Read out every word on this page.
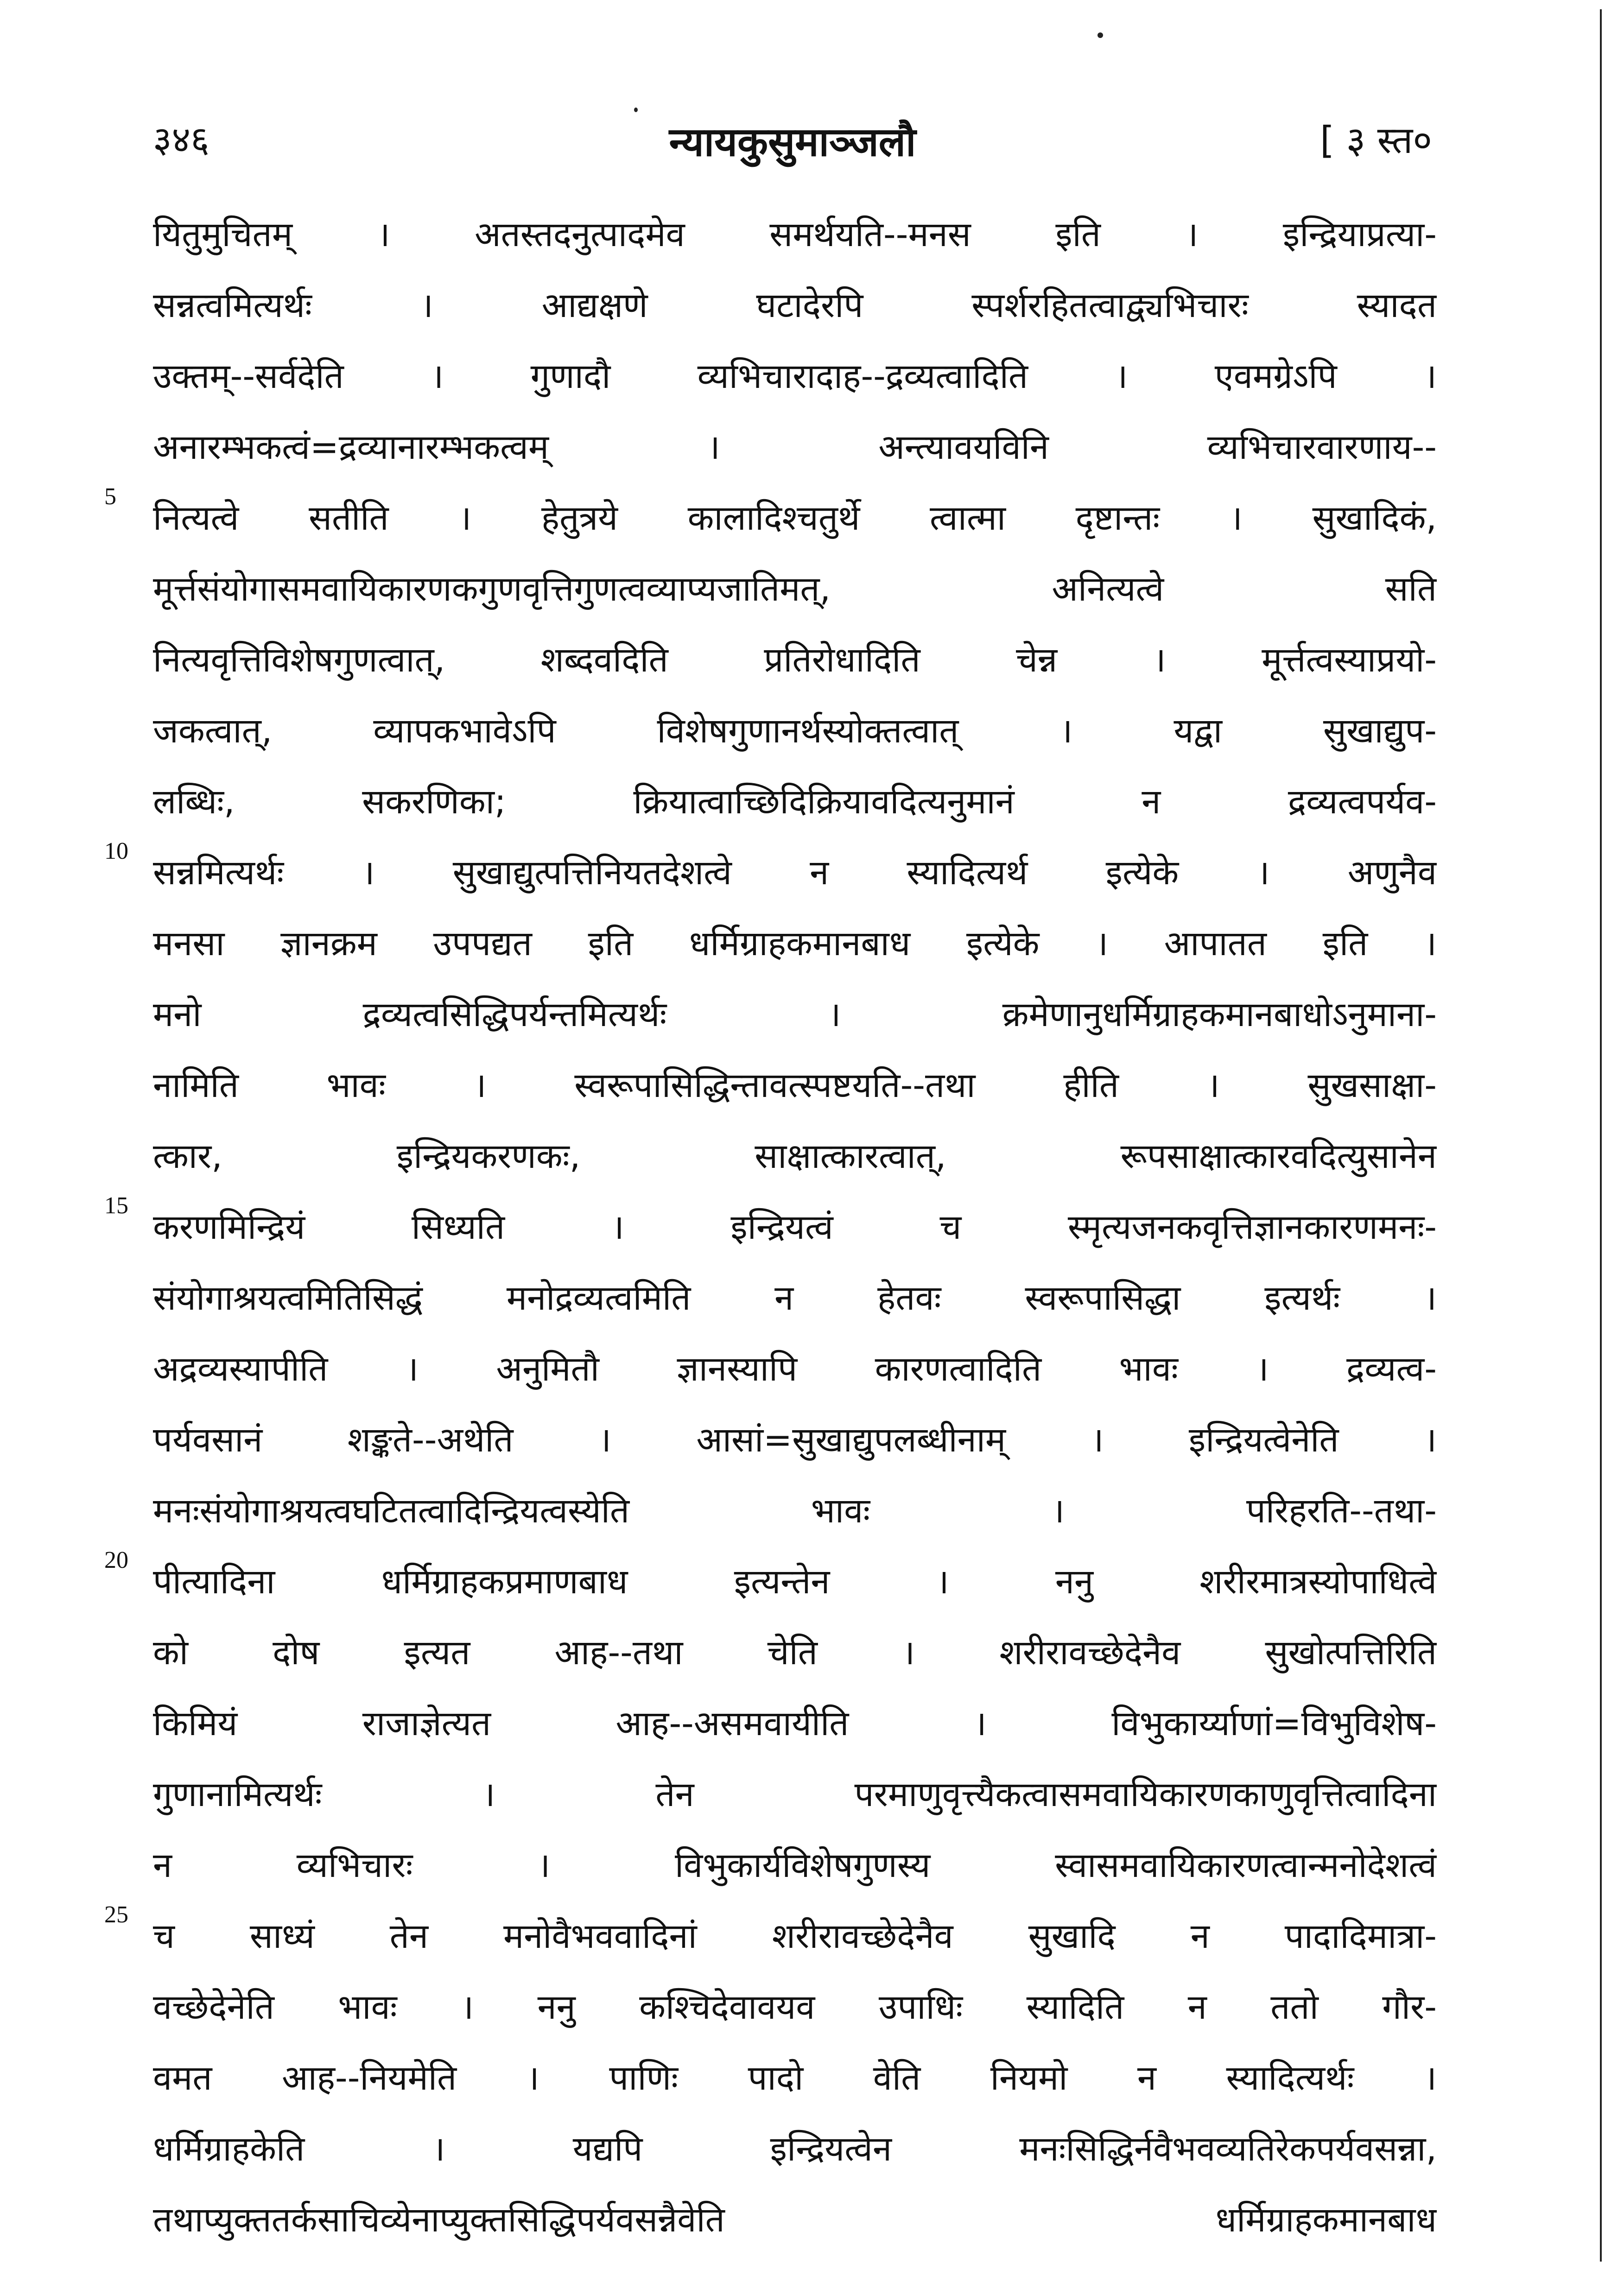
३४६	न्यायकुसुमाञ्जलौ	[ ३ स्त०
यितुमुचितम् । अतस्तदनुत्पादमेव समर्थयति--मनस इति । इन्द्रियाप्रत्या-
सन्नत्वमित्यर्थः । आद्यक्षणे घटादेरपि स्पर्शरहितत्वाद्व्यभिचारः स्यादत
उक्तम्--सर्वदेति । गुणादौ व्यभिचारादाह--द्रव्यत्वादिति । एवमग्रेऽपि ।
अनारम्भकत्वं=द्रव्यानारम्भकत्वम् । अन्त्यावयविनि व्यभिचारवारणाय--
5
नित्यत्वे सतीति । हेतुत्रये कालादिश्चतुर्थे त्वात्मा दृष्टान्तः । सुखादिकं,
मूर्त्तसंयोगासमवायिकारणकगुणवृत्तिगुणत्वव्याप्यजातिमत्, अनित्यत्वे सति
नित्यवृत्तिविशेषगुणत्वात्, शब्दवदिति प्रतिरोधादिति चेन्न । मूर्त्तत्वस्याप्रयो-
जकत्वात्, व्यापकभावेऽपि विशेषगुणानर्थस्योक्तत्वात् । यद्वा सुखाद्युप-
लब्धिः, सकरणिका; क्रियात्वाच्छिदिक्रियावदित्यनुमानं न द्रव्यत्वपर्यव-
10
सन्नमित्यर्थः । सुखाद्युत्पत्तिनियतदेशत्वे न स्यादित्यर्थ इत्येके । अणुनैव
मनसा ज्ञानक्रम उपपद्यत इति धर्मिग्राहकमानबाध इत्येके । आपातत इति ।
मनो द्रव्यत्वसिद्धिपर्यन्तमित्यर्थः । क्रमेणानुधर्मिग्राहकमानबाधोऽनुमाना-
नामिति भावः । स्वरूपासिद्धिन्तावत्स्पष्टयति--तथा हीति । सुखसाक्षा-
त्कार, इन्द्रियकरणकः, साक्षात्कारत्वात्, रूपसाक्षात्कारवदित्युसानेन
15
करणमिन्द्रियं सिध्यति । इन्द्रियत्वं च स्मृत्यजनकवृत्तिज्ञानकारणमनः-
संयोगाश्रयत्वमितिसिद्धं मनोद्रव्यत्वमिति न हेतवः स्वरूपासिद्धा इत्यर्थः ।
अद्रव्यस्यापीति । अनुमितौ ज्ञानस्यापि कारणत्वादिति भावः । द्रव्यत्व-
पर्यवसानं शङ्कते--अथेति । आसां=सुखाद्युपलब्धीनाम् । इन्द्रियत्वेनेति ।
मनःसंयोगाश्रयत्वघटितत्वादिन्द्रियत्वस्येति भावः । परिहरति--तथा-
20
पीत्यादिना धर्मिग्राहकप्रमाणबाध इत्यन्तेन । ननु शरीरमात्रस्योपाधित्वे
को दोष इत्यत आह--तथा चेति । शरीरावच्छेदेनैव सुखोत्पत्तिरिति
किमियं राजाज्ञेत्यत आह--असमवायीति । विभुकार्य्याणां=विभुविशेष-
गुणानामित्यर्थः । तेन परमाणुवृत्त्यैकत्वासमवायिकारणकाणुवृत्तित्वादिना
न व्यभिचारः । विभुकार्यविशेषगुणस्य स्वासमवायिकारणत्वान्मनोदेशत्वं
25
च साध्यं तेन मनोवैभववादिनां शरीरावच्छेदेनैव सुखादि न पादादिमात्रा-
वच्छेदेनेति भावः । ननु कश्चिदेवावयव उपाधिः स्यादिति न ततो गौर-
वमत आह--नियमेति । पाणिः पादो वेति नियमो न स्यादित्यर्थः ।
धर्मिग्राहकेति । यद्यपि इन्द्रियत्वेन मनःसिद्धिर्नवैभवव्यतिरेकपर्यवसन्ना,
तथाप्युक्ततर्कसाचिव्येनाप्युक्तसिद्धिपर्यवसन्नैवेति धर्मिग्राहकमानबाध
